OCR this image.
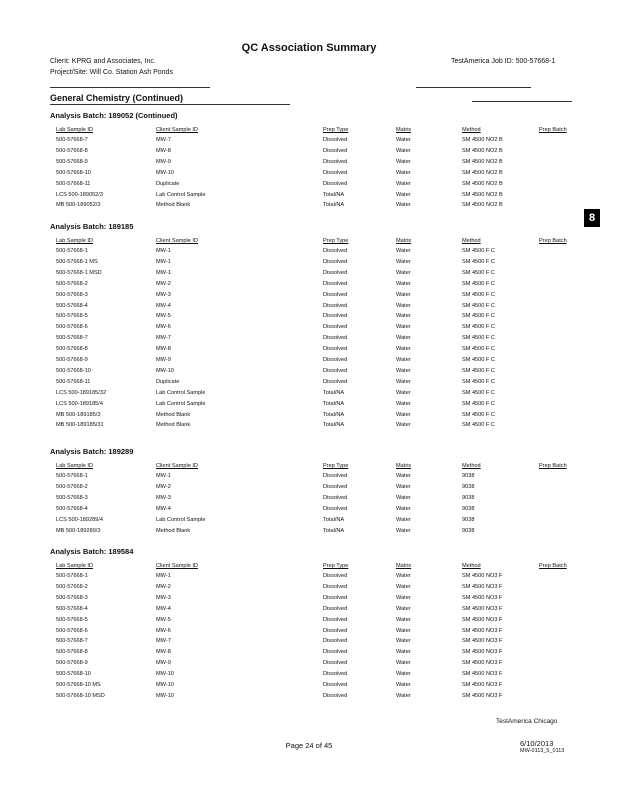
QC Association Summary
Client: KPRG and Associates, Inc.
Project/Site: Will Co. Station Ash Ponds
TestAmerica Job ID: 500-57668-1
General Chemistry (Continued)
Analysis Batch: 189052 (Continued)
Lab Sample ID	Client Sample ID	Prep Type	Matrix	Method	Prep Batch
500-57668-7	MW-7	Dissolved	Water	SM 4500 NO2 B
500-57668-8	MW-8	Dissolved	Water	SM 4500 NO2 B
500-57668-9	MW-9	Dissolved	Water	SM 4500 NO2 B
500-57668-10	MW-10	Dissolved	Water	SM 4500 NO2 B
500-57668-11	Duplicate	Dissolved	Water	SM 4500 NO2 B
LCS 500-189052/3	Lab Control Sample	Total/NA	Water	SM 4500 NO2 B
MB 500-189052/3	Method Blank	Total/NA	Water	SM 4500 NO2 B
Analysis Batch: 189185
Lab Sample ID	Client Sample ID	Prep Type	Matrix	Method	Prep Batch
500-57668-1	MW-1	Dissolved	Water	SM 4500 F C
500-57668-1 MS	MW-1	Dissolved	Water	SM 4500 F C
500-57668-1 MSD	MW-1	Dissolved	Water	SM 4500 F C
500-57668-2	MW-2	Dissolved	Water	SM 4500 F C
500-57668-3	MW-3	Dissolved	Water	SM 4500 F C
500-57668-4	MW-4	Dissolved	Water	SM 4500 F C
500-57668-5	MW-5	Dissolved	Water	SM 4500 F C
500-57668-6	MW-6	Dissolved	Water	SM 4500 F C
500-57668-7	MW-7	Dissolved	Water	SM 4500 F C
500-57668-8	MW-8	Dissolved	Water	SM 4500 F C
500-57668-9	MW-9	Dissolved	Water	SM 4500 F C
500-57668-10	MW-10	Dissolved	Water	SM 4500 F C
500-57668-11	Duplicate	Dissolved	Water	SM 4500 F C
LCS 500-189185/32	Lab Control Sample	Total/NA	Water	SM 4500 F C
LCS 500-189185/4	Lab Control Sample	Total/NA	Water	SM 4500 F C
MB 500-189185/3	Method Blank	Total/NA	Water	SM 4500 F C
MB 500-189185/31	Method Blank	Total/NA	Water	SM 4500 F C
Analysis Batch: 189289
Lab Sample ID	Client Sample ID	Prep Type	Matrix	Method	Prep Batch
500-57668-1	MW-1	Dissolved	Water	9038
500-57668-2	MW-2	Dissolved	Water	9038
500-57668-3	MW-3	Dissolved	Water	9038
500-57668-4	MW-4	Dissolved	Water	9038
LCS 500-189289/4	Lab Control Sample	Total/NA	Water	9038
MB 500-189289/3	Method Blank	Total/NA	Water	9038
Analysis Batch: 189584
Lab Sample ID	Client Sample ID	Prep Type	Matrix	Method	Prep Batch
500-57668-1	MW-1	Dissolved	Water	SM 4500 NO3 F
500-57668-2	MW-2	Dissolved	Water	SM 4500 NO3 F
500-57668-3	MW-3	Dissolved	Water	SM 4500 NO3 F
500-57668-4	MW-4	Dissolved	Water	SM 4500 NO3 F
500-57668-5	MW-5	Dissolved	Water	SM 4500 NO3 F
500-57668-6	MW-6	Dissolved	Water	SM 4500 NO3 F
500-57668-7	MW-7	Dissolved	Water	SM 4500 NO3 F
500-57668-8	MW-8	Dissolved	Water	SM 4500 NO3 F
500-57668-9	MW-9	Dissolved	Water	SM 4500 NO3 F
500-57668-10	MW-10	Dissolved	Water	SM 4500 NO3 F
500-57668-10 MS	MW-10	Dissolved	Water	SM 4500 NO3 F
500-57668-10 MSD	MW-10	Dissolved	Water	SM 4500 NO3 F
8
TestAmerica Chicago
Page 24 of 45	6/10/2013
MW-0113_5_0113
